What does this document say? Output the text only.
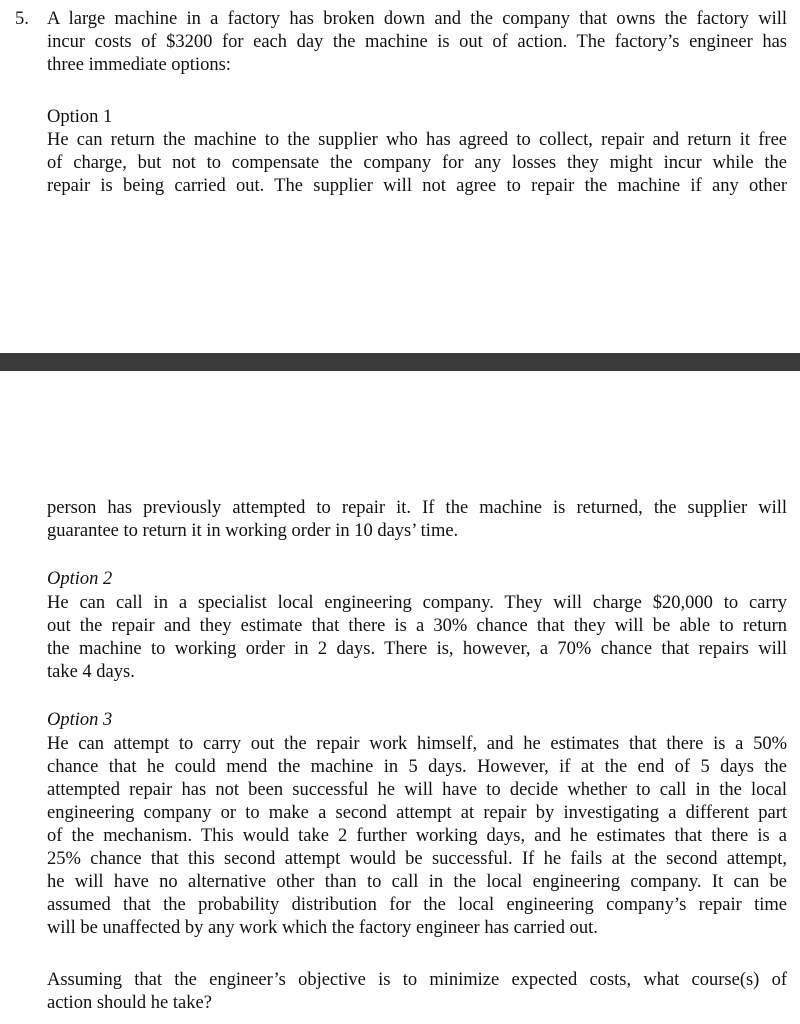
5. A large machine in a factory has broken down and the company that owns the factory will
incur costs of $3200 for each day the machine is out of action. The factory’s engineer has
three immediate options:
Option 1
He can return the machine to the supplier who has agreed to collect, repair and return it free
of charge, but not to compensate the company for any losses they might incur while the
repair is being carried out. The supplier will not agree to repair the machine if any other
person has previously attempted to repair it. If the machine is returned, the supplier will
guarantee to return it in working order in 10 days’ time.
Option 2
He can call in a specialist local engineering company. They will charge $20,000 to carry
out the repair and they estimate that there is a 30% chance that they will be able to return
the machine to working order in 2 days. There is, however, a 70% chance that repairs will
take 4 days.
Option 3
He can attempt to carry out the repair work himself, and he estimates that there is a 50%
chance that he could mend the machine in 5 days. However, if at the end of 5 days the
attempted repair has not been successful he will have to decide whether to call in the local
engineering company or to make a second attempt at repair by investigating a different part
of the mechanism. This would take 2 further working days, and he estimates that there is a
25% chance that this second attempt would be successful. If he fails at the second attempt,
he will have no alternative other than to call in the local engineering company. It can be
assumed that the probability distribution for the local engineering company’s repair time
will be unaffected by any work which the factory engineer has carried out.
Assuming that the engineer’s objective is to minimize expected costs, what course(s) of
action should he take?
